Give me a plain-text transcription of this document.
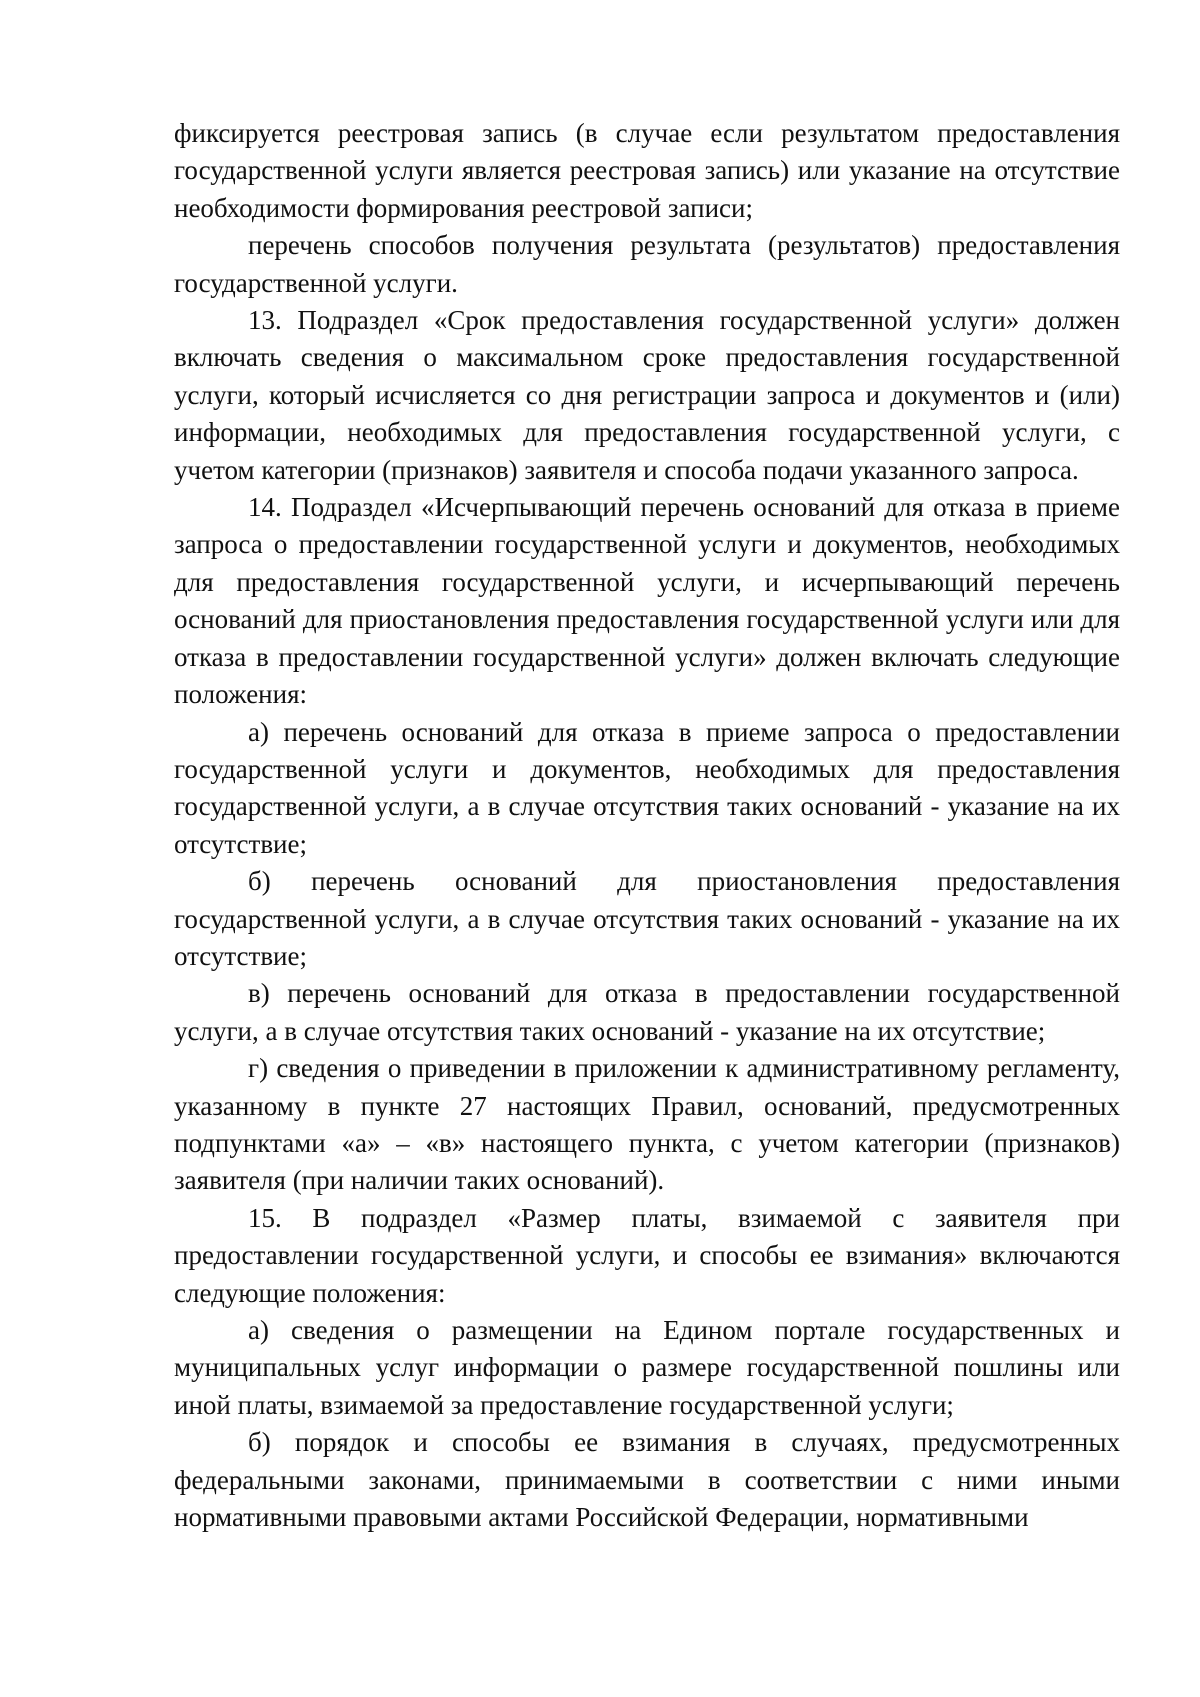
фиксируется реестровая запись (в случае если результатом предоставления государственной услуги является реестровая запись) или указание на отсутствие необходимости формирования реестровой записи;

перечень способов получения результата (результатов) предоставления государственной услуги.

13. Подраздел «Срок предоставления государственной услуги» должен включать сведения о максимальном сроке предоставления государственной услуги, который исчисляется со дня регистрации запроса и документов и (или) информации, необходимых для предоставления государственной услуги, с учетом категории (признаков) заявителя и способа подачи указанного запроса.

14. Подраздел «Исчерпывающий перечень оснований для отказа в приеме запроса о предоставлении государственной услуги и документов, необходимых для предоставления государственной услуги, и исчерпывающий перечень оснований для приостановления предоставления государственной услуги или для отказа в предоставлении государственной услуги» должен включать следующие положения:

а) перечень оснований для отказа в приеме запроса о предоставлении государственной услуги и документов, необходимых для предоставления государственной услуги, а в случае отсутствия таких оснований - указание на их отсутствие;

б) перечень оснований для приостановления предоставления государственной услуги, а в случае отсутствия таких оснований - указание на их отсутствие;

в) перечень оснований для отказа в предоставлении государственной услуги, а в случае отсутствия таких оснований - указание на их отсутствие;

г) сведения о приведении в приложении к административному регламенту, указанному в пункте 27 настоящих Правил, оснований, предусмотренных подпунктами «а» – «в» настоящего пункта, с учетом категории (признаков) заявителя (при наличии таких оснований).

15. В подраздел «Размер платы, взимаемой с заявителя при предоставлении государственной услуги, и способы ее взимания» включаются следующие положения:

а) сведения о размещении на Едином портале государственных и муниципальных услуг информации о размере государственной пошлины или иной платы, взимаемой за предоставление государственной услуги;

б) порядок и способы ее взимания в случаях, предусмотренных федеральными законами, принимаемыми в соответствии с ними иными нормативными правовыми актами Российской Федерации, нормативными
